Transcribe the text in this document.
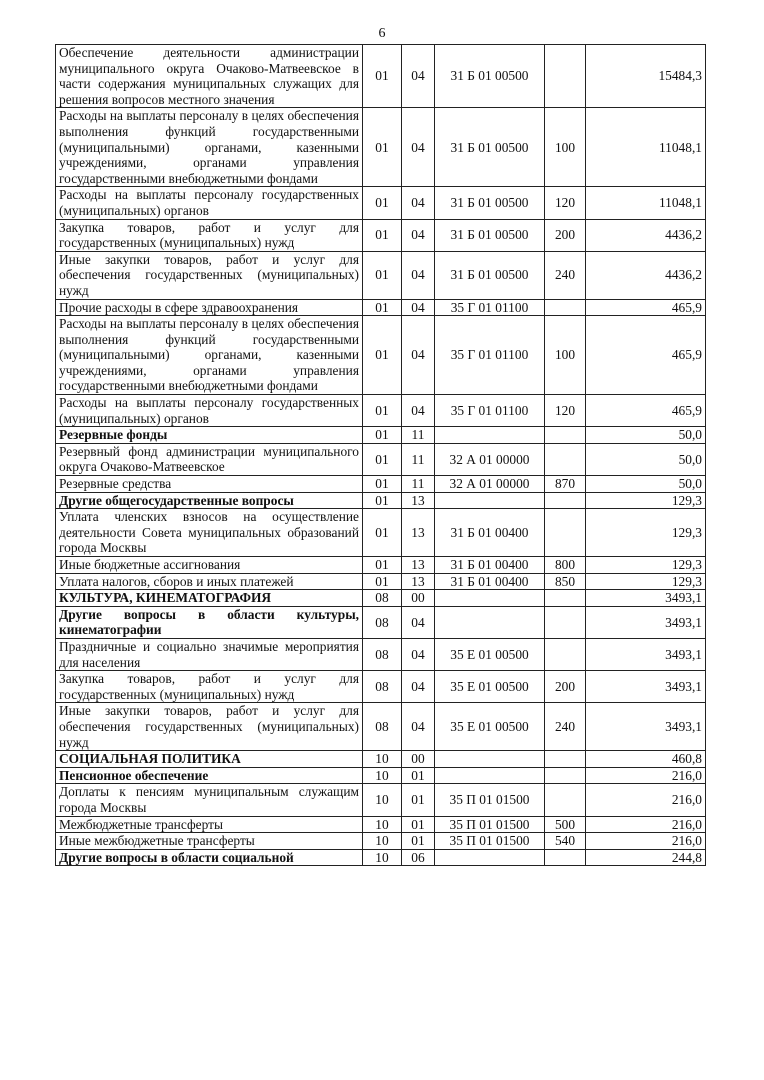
6
Обеспечение деятельности администрации муниципального округа Очаково-Матвеевское в части содержания муниципальных служащих для решения вопросов местного значения	01	04	31 Б 01 00500		15484,3
Расходы на выплаты персоналу в целях обеспечения выполнения функций государственными (муниципальными) органами, казенными учреждениями, органами управления государственными внебюджетными фондами	01	04	31 Б 01 00500	100	11048,1
Расходы на выплаты персоналу государственных (муниципальных) органов	01	04	31 Б 01 00500	120	11048,1
Закупка товаров, работ и услуг для государственных (муниципальных) нужд	01	04	31 Б 01 00500	200	4436,2
Иные закупки товаров, работ и услуг для обеспечения государственных (муниципальных) нужд	01	04	31 Б 01 00500	240	4436,2
Прочие расходы в сфере здравоохранения	01	04	35 Г 01 01100		465,9
Расходы на выплаты персоналу в целях обеспечения выполнения функций государственными (муниципальными) органами, казенными учреждениями, органами управления государственными внебюджетными фондами	01	04	35 Г 01 01100	100	465,9
Расходы на выплаты персоналу государственных (муниципальных) органов	01	04	35 Г 01 01100	120	465,9
Резервные фонды	01	11			50,0
Резервный фонд администрации муниципального округа Очаково-Матвеевское	01	11	32 А 01 00000		50,0
Резервные средства	01	11	32 А 01 00000	870	50,0
Другие общегосударственные вопросы	01	13			129,3
Уплата членских взносов на осуществление деятельности Совета муниципальных образований города Москвы	01	13	31 Б 01 00400		129,3
Иные бюджетные ассигнования	01	13	31 Б 01 00400	800	129,3
Уплата налогов, сборов и иных платежей	01	13	31 Б 01 00400	850	129,3
КУЛЬТУРА, КИНЕМАТОГРАФИЯ	08	00			3493,1
Другие вопросы в области культуры, кинематографии	08	04			3493,1
Праздничные и социально значимые мероприятия для населения	08	04	35 Е 01 00500		3493,1
Закупка товаров, работ и услуг для государственных (муниципальных) нужд	08	04	35 Е 01 00500	200	3493,1
Иные закупки товаров, работ и услуг для обеспечения государственных (муниципальных) нужд	08	04	35 Е 01 00500	240	3493,1
СОЦИАЛЬНАЯ ПОЛИТИКА	10	00			460,8
Пенсионное обеспечение	10	01			216,0
Доплаты к пенсиям муниципальным служащим города Москвы	10	01	35 П 01 01500		216,0
Межбюджетные трансферты	10	01	35 П 01 01500	500	216,0
Иные межбюджетные трансферты	10	01	35 П 01 01500	540	216,0
Другие вопросы в области социальной	10	06			244,8
